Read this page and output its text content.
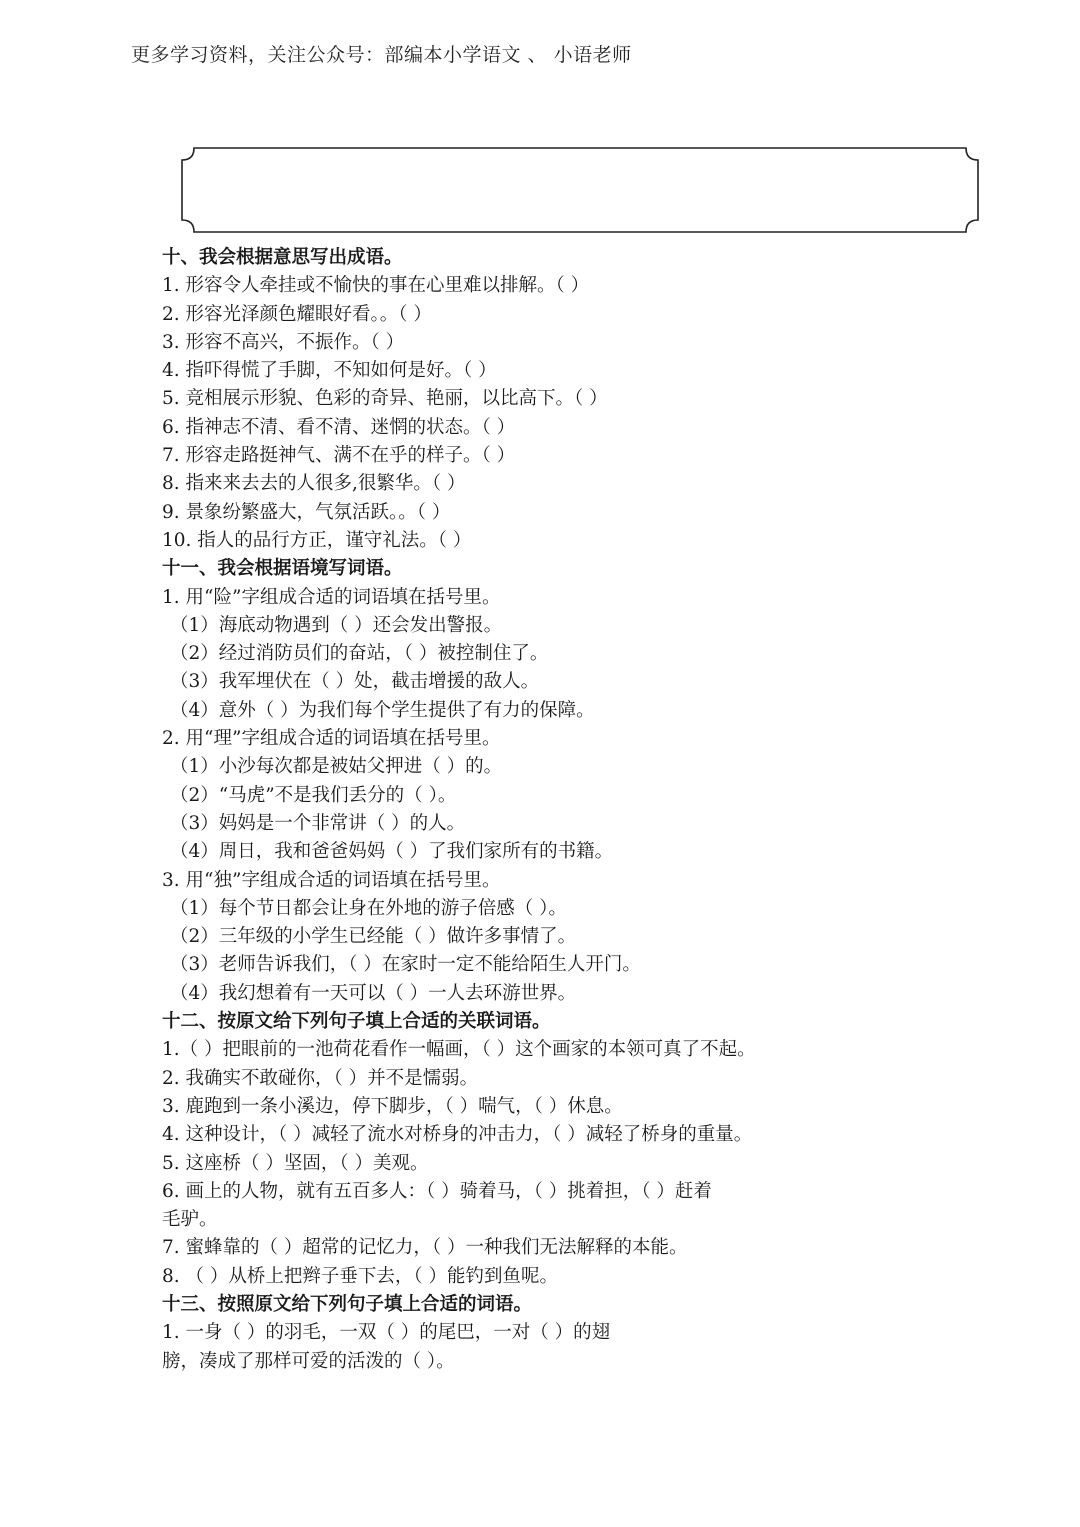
更多学习资料，关注公众号：部编本小学语文 、 小语老师
十、我会根据意思写出成语。
1. 形容令人牵挂或不愉快的事在心里难以排解。（ ）
2. 形容光泽颜色耀眼好看。。（ ）
3. 形容不高兴，不振作。（ ）
4. 指吓得慌了手脚，不知如何是好。（ ）
5. 竞相展示形貌、色彩的奇异、艳丽，以比高下。（ ）
6. 指神志不清、看不清、迷惘的状态。（ ）
7. 形容走路挺神气、满不在乎的样子。（ ）
8. 指来来去去的人很多,很繁华。（ ）
9. 景象纷繁盛大，气氛活跃。。（ ）
10. 指人的品行方正，谨守礼法。（ ）
十一、我会根据语境写词语。
1. 用“险”字组成合适的词语填在括号里。
（1）海底动物遇到（ ）还会发出警报。
（2）经过消防员们的奋站，（ ）被控制住了。
（3）我军埋伏在（ ）处，截击增援的敌人。
（4）意外（ ）为我们每个学生提供了有力的保障。
2. 用“理”字组成合适的词语填在括号里。
（1）小沙每次都是被姑父押进（ ）的。
（2）“马虎”不是我们丢分的（ ）。
（3）妈妈是一个非常讲（ ）的人。
（4）周日，我和爸爸妈妈（ ）了我们家所有的书籍。
3. 用“独”字组成合适的词语填在括号里。
（1）每个节日都会让身在外地的游子倍感（ ）。
（2）三年级的小学生已经能（ ）做许多事情了。
（3）老师告诉我们，（ ）在家时一定不能给陌生人开门。
（4）我幻想着有一天可以（ ）一人去环游世界。
十二、按原文给下列句子填上合适的关联词语。
1.（ ）把眼前的一池荷花看作一幅画，（ ）这个画家的本领可真了不起。
2. 我确实不敢碰你，（ ）并不是懦弱。
3. 鹿跑到一条小溪边，停下脚步，（ ）喘气，（ ）休息。
4. 这种设计，（ ）减轻了流水对桥身的冲击力，（ ）减轻了桥身的重量。
5. 这座桥（ ）坚固，（ ）美观。
6. 画上的人物，就有五百多人：（ ）骑着马，（ ）挑着担，（ ）赶着
毛驴。
7. 蜜蜂靠的（ ）超常的记忆力，（ ）一种我们无法解释的本能。
8. （ ）从桥上把辫子垂下去，（ ）能钓到鱼呢。
十三、按照原文给下列句子填上合适的词语。
1. 一身（ ）的羽毛，一双（ ）的尾巴，一对（ ）的翅
膀，凑成了那样可爱的活泼的（ ）。
